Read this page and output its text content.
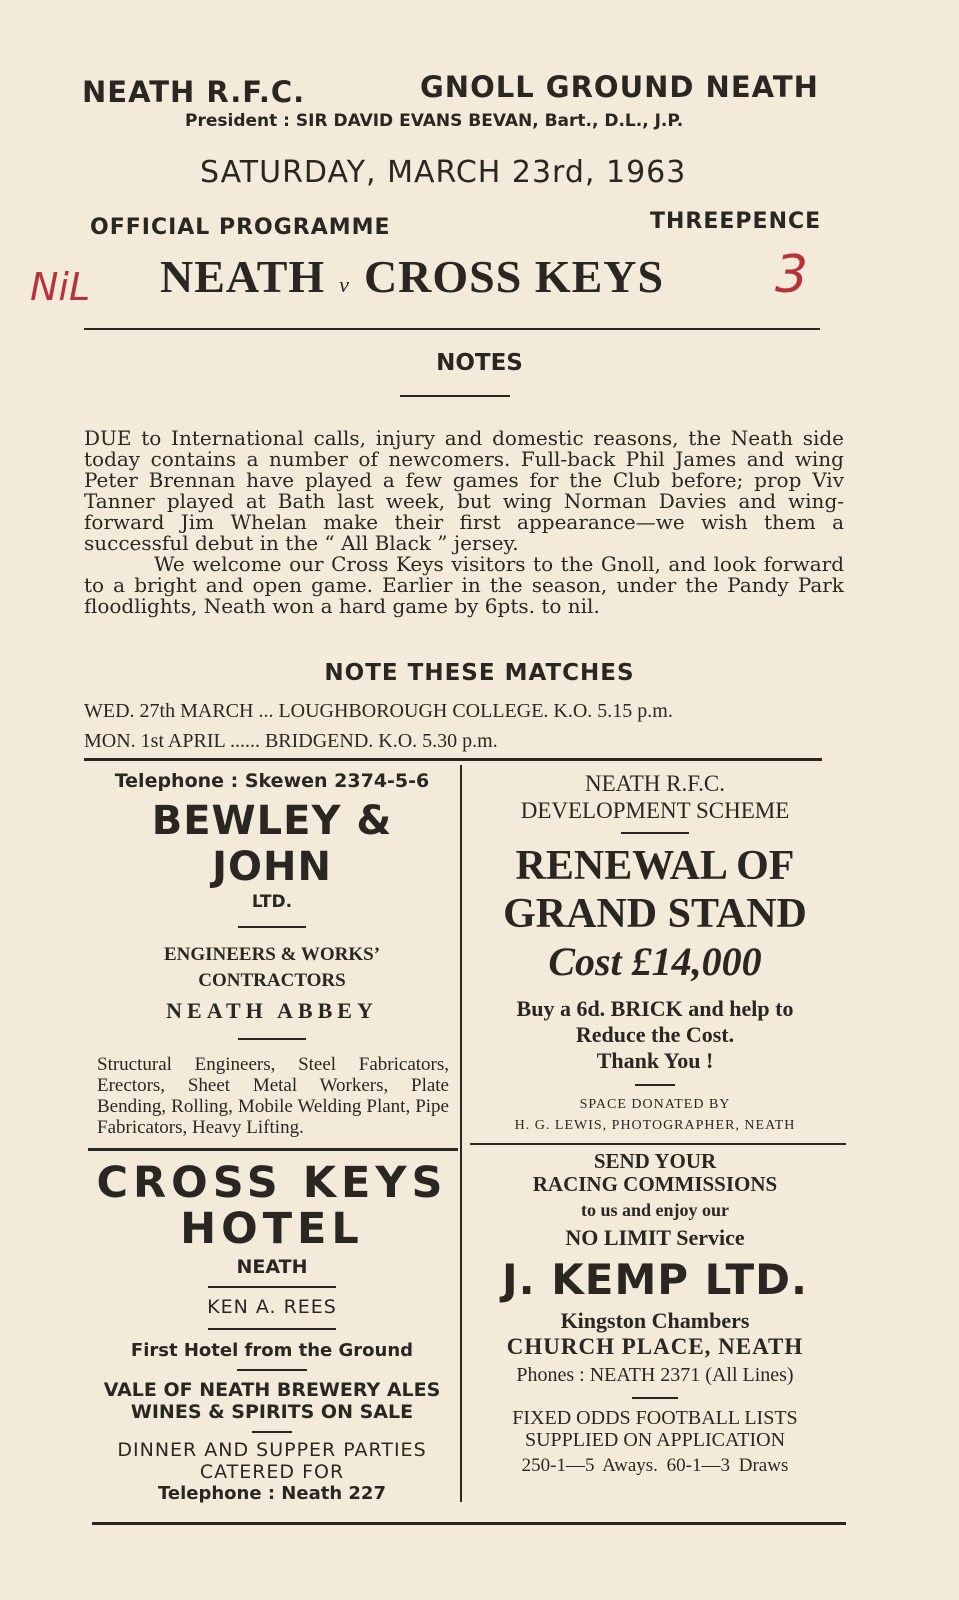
NEATH R.F.C.	GNOLL GROUND NEATH
President : SIR DAVID EVANS BEVAN, Bart., D.L., J.P.
SATURDAY, MARCH 23rd, 1963
OFFICIAL PROGRAMME	THREEPENCE
NiL NEATH v CROSS KEYS 3
NOTES

DUE to International calls, injury and domestic reasons, the Neath side today contains a number of newcomers. Full-back Phil James and wing Peter Brennan have played a few games for the Club before; prop Viv Tanner played at Bath last week, but wing Norman Davies and wing-forward Jim Whelan make their first appearance—we wish them a successful debut in the “ All Black ” jersey.

We welcome our Cross Keys visitors to the Gnoll, and look forward to a bright and open game. Earlier in the season, under the Pandy Park floodlights, Neath won a hard game by 6pts. to nil.

NOTE THESE MATCHES
WED. 27th MARCH ... LOUGHBOROUGH COLLEGE. K.O. 5.15 p.m.
MON. 1st APRIL ...... BRIDGEND. K.O. 5.30 p.m.
Telephone : Skewen 2374-5-6
BEWLEY & JOHN
LTD.
ENGINEERS & WORKS’
CONTRACTORS
NEATH ABBEY
Structural Engineers, Steel Fabricators, Erectors, Sheet Metal Workers, Plate Bending, Rolling, Mobile Welding Plant, Pipe Fabricators, Heavy Lifting.
NEATH R.F.C.
DEVELOPMENT SCHEME
RENEWAL OF
GRAND STAND
Cost £14,000
Buy a 6d. BRICK and help to
Reduce the Cost.
Thank You !
SPACE DONATED BY
H. G. LEWIS, PHOTOGRAPHER, NEATH
CROSS KEYS
HOTEL
NEATH
KEN A. REES
First Hotel from the Ground
VALE OF NEATH BREWERY ALES
WINES & SPIRITS ON SALE
DINNER AND SUPPER PARTIES
CATERED FOR
Telephone : Neath 227
SEND YOUR
RACING COMMISSIONS
to us and enjoy our
NO LIMIT Service
J. KEMP LTD.
Kingston Chambers
CHURCH PLACE, NEATH
Phones : NEATH 2371 (All Lines)
FIXED ODDS FOOTBALL LISTS
SUPPLIED ON APPLICATION
250-1—5 Aways. 60-1—3 Draws
